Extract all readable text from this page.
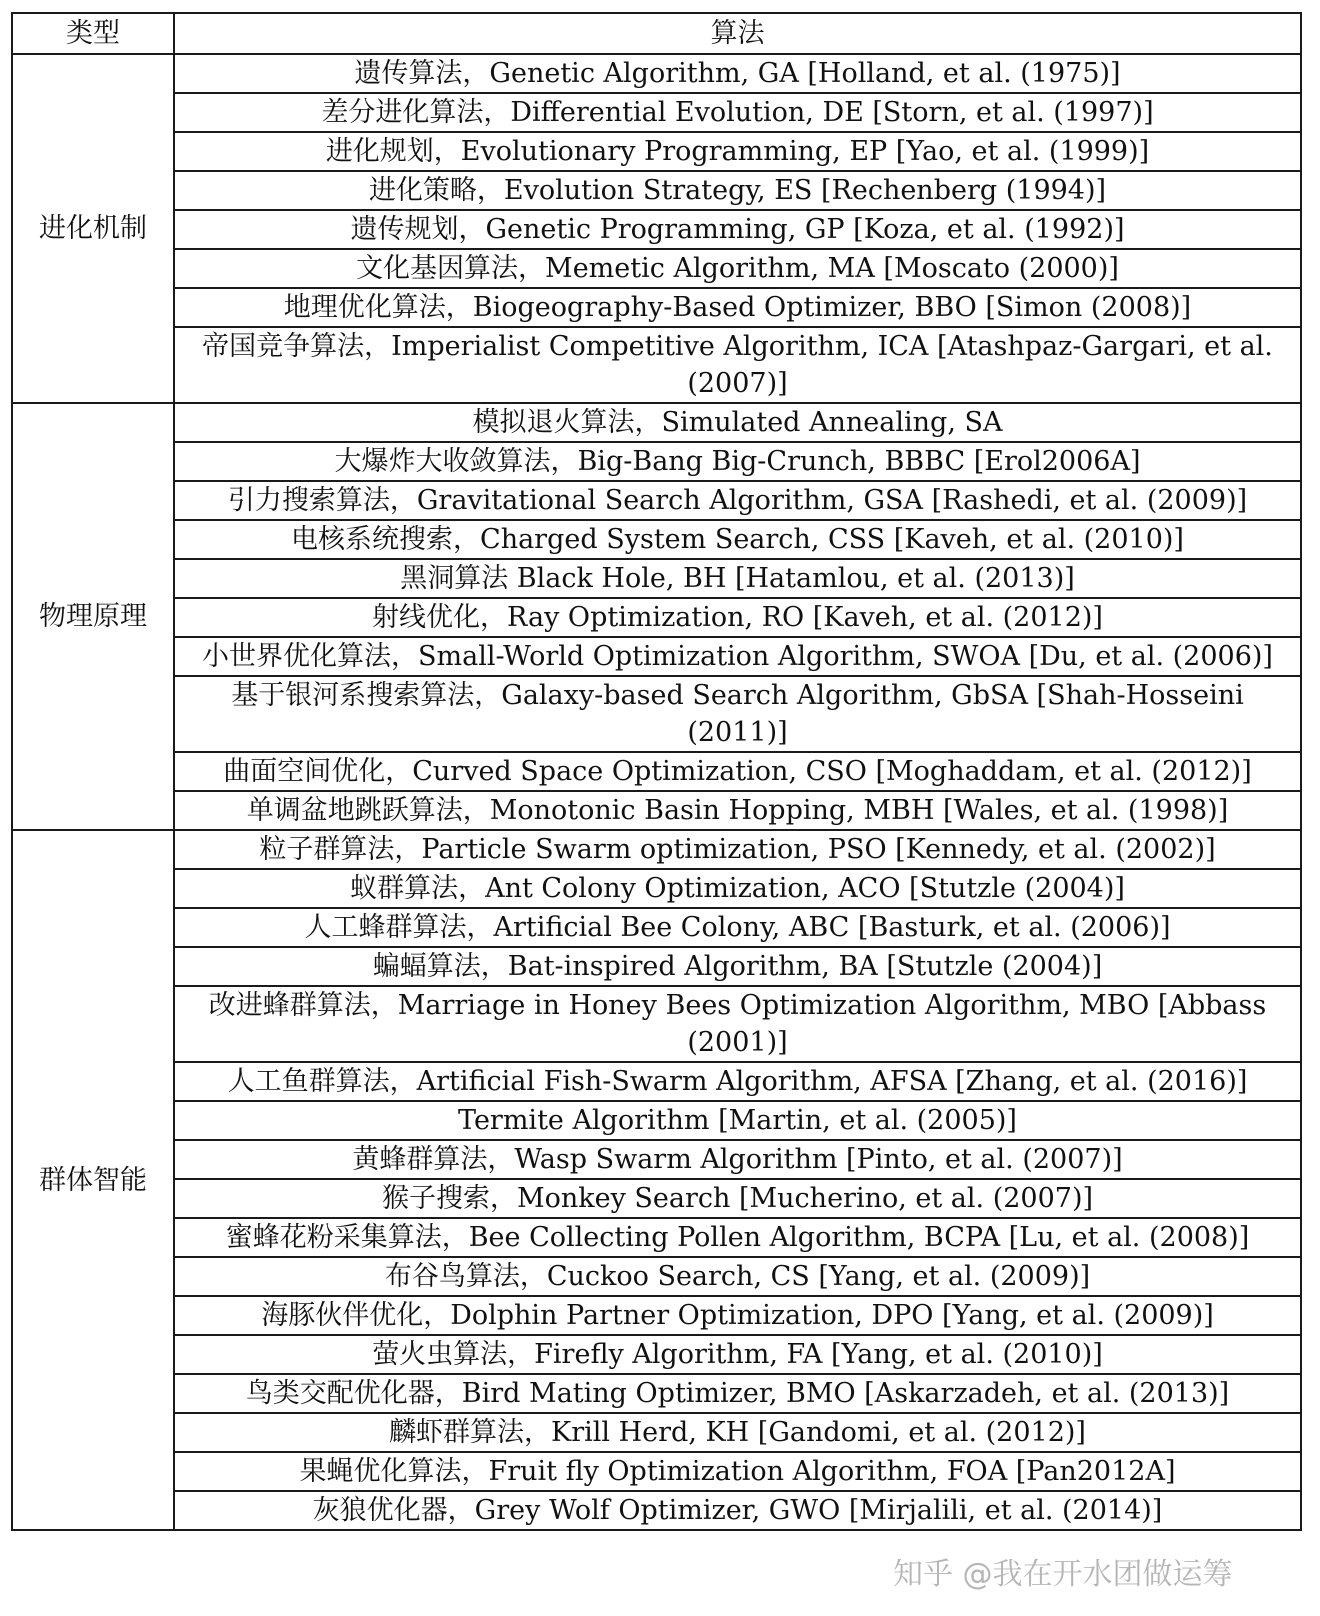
类型	算法
进化机制	遗传算法，Genetic Algorithm, GA [Holland, et al. (1975)]
	差分进化算法，Differential Evolution, DE [Storn, et al. (1997)]
	进化规划，Evolutionary Programming, EP [Yao, et al. (1999)]
	进化策略，Evolution Strategy, ES [Rechenberg (1994)]
	遗传规划，Genetic Programming, GP [Koza, et al. (1992)]
	文化基因算法，Memetic Algorithm, MA [Moscato (2000)]
	地理优化算法，Biogeography-Based Optimizer, BBO [Simon (2008)]
	帝国竞争算法，Imperialist Competitive Algorithm, ICA [Atashpaz-Gargari, et al. (2007)]
物理原理	模拟退火算法，Simulated Annealing, SA
	大爆炸大收敛算法，Big-Bang Big-Crunch, BBBC [Erol2006A]
	引力搜索算法，Gravitational Search Algorithm, GSA [Rashedi, et al. (2009)]
	电核系统搜索，Charged System Search, CSS [Kaveh, et al. (2010)]
	黑洞算法 Black Hole, BH [Hatamlou, et al. (2013)]
	射线优化，Ray Optimization, RO [Kaveh, et al. (2012)]
	小世界优化算法，Small-World Optimization Algorithm, SWOA [Du, et al. (2006)]
	基于银河系搜索算法，Galaxy-based Search Algorithm, GbSA [Shah-Hosseini (2011)]
	曲面空间优化，Curved Space Optimization, CSO [Moghaddam, et al. (2012)]
	单调盆地跳跃算法，Monotonic Basin Hopping, MBH [Wales, et al. (1998)]
群体智能	粒子群算法，Particle Swarm optimization, PSO [Kennedy, et al. (2002)]
	蚁群算法，Ant Colony Optimization, ACO [Stutzle (2004)]
	人工蜂群算法，Artificial Bee Colony, ABC [Basturk, et al. (2006)]
	蝙蝠算法，Bat-inspired Algorithm, BA [Stutzle (2004)]
	改进蜂群算法，Marriage in Honey Bees Optimization Algorithm, MBO [Abbass (2001)]
	人工鱼群算法，Artificial Fish-Swarm Algorithm, AFSA [Zhang, et al. (2016)]
	Termite Algorithm [Martin, et al. (2005)]
	黄蜂群算法，Wasp Swarm Algorithm [Pinto, et al. (2007)]
	猴子搜索，Monkey Search [Mucherino, et al. (2007)]
	蜜蜂花粉采集算法，Bee Collecting Pollen Algorithm, BCPA [Lu, et al. (2008)]
	布谷鸟算法，Cuckoo Search, CS [Yang, et al. (2009)]
	海豚伙伴优化，Dolphin Partner Optimization, DPO [Yang, et al. (2009)]
	萤火虫算法，Firefly Algorithm, FA [Yang, et al. (2010)]
	鸟类交配优化器，Bird Mating Optimizer, BMO [Askarzadeh, et al. (2013)]
	麟虾群算法，Krill Herd, KH [Gandomi, et al. (2012)]
	果蝇优化算法，Fruit fly Optimization Algorithm, FOA [Pan2012A]
	灰狼优化器，Grey Wolf Optimizer, GWO [Mirjalili, et al. (2014)]
知乎 @我在开水团做运筹
